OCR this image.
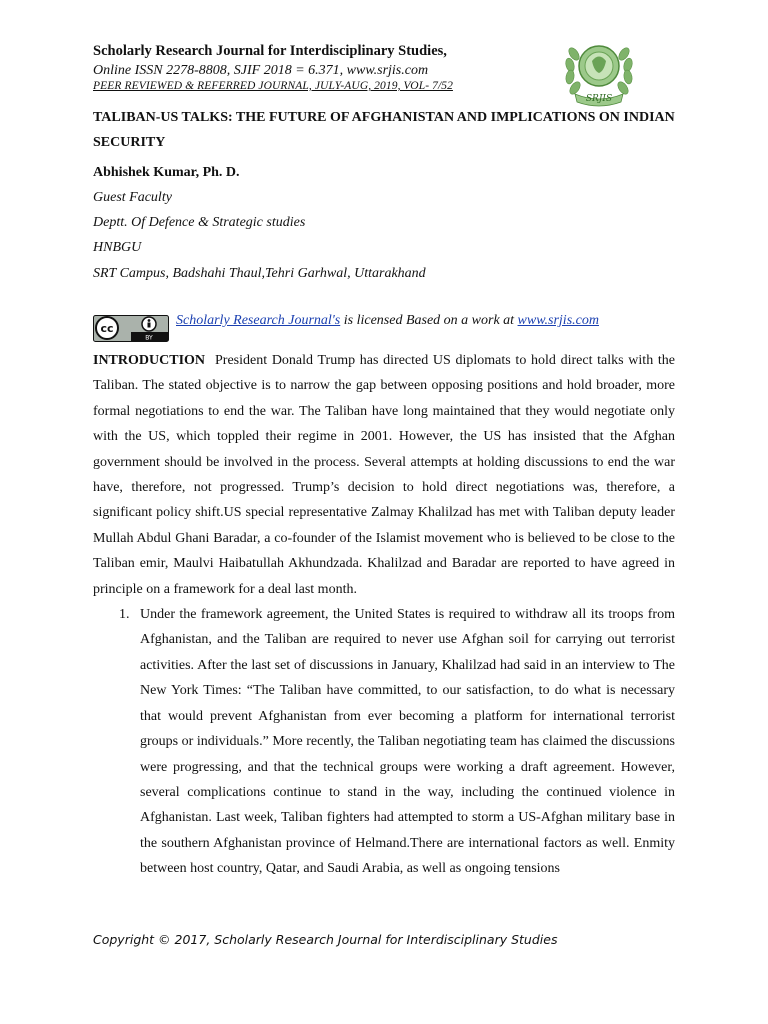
Scholarly Research Journal for Interdisciplinary Studies,
Online ISSN 2278-8808, SJIF 2018 = 6.371, www.srjis.com
PEER REVIEWED & REFERRED JOURNAL, JULY-AUG, 2019, VOL- 7/52
SRJIS
TALIBAN-US TALKS: THE FUTURE OF AFGHANISTAN AND IMPLICATIONS ON INDIAN SECURITY
Abhishek Kumar, Ph. D.
Guest Faculty
Deptt. Of Defence & Strategic studies
HNBGU
SRT Campus, Badshahi Thaul,Tehri Garhwal, Uttarakhand
cc
BY
Scholarly Research Journal's is licensed Based on a work at www.srjis.com

INTRODUCTION President Donald Trump has directed US diplomats to hold direct talks with the Taliban. The stated objective is to narrow the gap between opposing positions and hold broader, more formal negotiations to end the war. The Taliban have long maintained that they would negotiate only with the US, which toppled their regime in 2001. However, the US has insisted that the Afghan government should be involved in the process. Several attempts at holding discussions to end the war have, therefore, not progressed. Trump’s decision to hold direct negotiations was, therefore, a significant policy shift.US special representative Zalmay Khalilzad has met with Taliban deputy leader Mullah Abdul Ghani Baradar, a co-founder of the Islamist movement who is believed to be close to the Taliban emir, Maulvi Haibatullah Akhundzada. Khalilzad and Baradar are reported to have agreed in principle on a framework for a deal last month.

1. Under the framework agreement, the United States is required to withdraw all its troops from Afghanistan, and the Taliban are required to never use Afghan soil for carrying out terrorist activities. After the last set of discussions in January, Khalilzad had said in an interview to The New York Times: “The Taliban have committed, to our satisfaction, to do what is necessary that would prevent Afghanistan from ever becoming a platform for international terrorist groups or individuals.” More recently, the Taliban negotiating team has claimed the discussions were progressing, and that the technical groups were working a draft agreement. However, several complications continue to stand in the way, including the continued violence in Afghanistan. Last week, Taliban fighters had attempted to storm a US-Afghan military base in the southern Afghanistan province of Helmand.There are international factors as well. Enmity between host country, Qatar, and Saudi Arabia, as well as ongoing tensions
Copyright © 2017, Scholarly Research Journal for Interdisciplinary Studies
